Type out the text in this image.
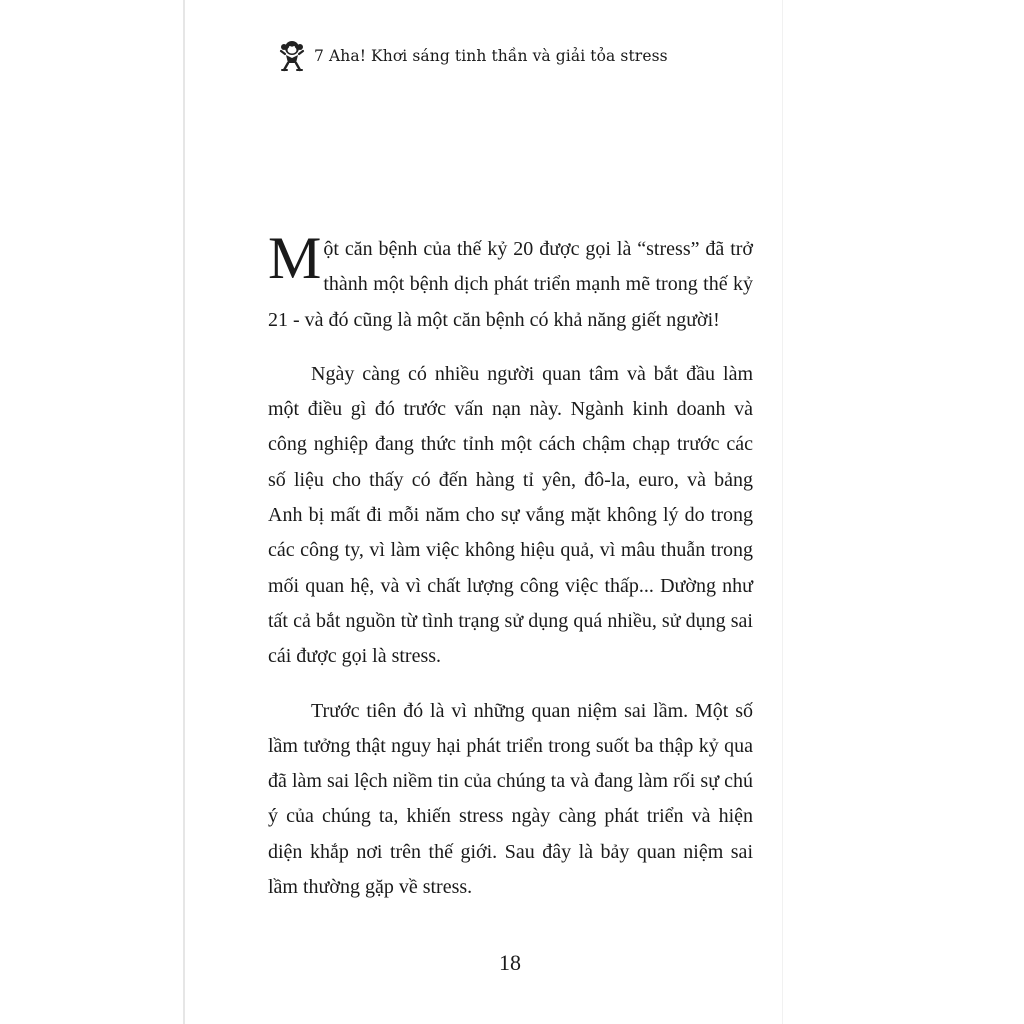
7 Aha! Khơi sáng tinh thần và giải tỏa stress

Một căn bệnh của thế kỷ 20 được gọi là “stress” đã trở thành một bệnh dịch phát triển mạnh mẽ trong thế kỷ 21 - và đó cũng là một căn bệnh có khả năng giết người!

Ngày càng có nhiều người quan tâm và bắt đầu làm một điều gì đó trước vấn nạn này. Ngành kinh doanh và công nghiệp đang thức tỉnh một cách chậm chạp trước các số liệu cho thấy có đến hàng tỉ yên, đô-la, euro, và bảng Anh bị mất đi mỗi năm cho sự vắng mặt không lý do trong các công ty, vì làm việc không hiệu quả, vì mâu thuẫn trong mối quan hệ, và vì chất lượng công việc thấp... Dường như tất cả bắt nguồn từ tình trạng sử dụng quá nhiều, sử dụng sai cái được gọi là stress.

Trước tiên đó là vì những quan niệm sai lầm. Một số lầm tưởng thật nguy hại phát triển trong suốt ba thập kỷ qua đã làm sai lệch niềm tin của chúng ta và đang làm rối sự chú ý của chúng ta, khiến stress ngày càng phát triển và hiện diện khắp nơi trên thế giới. Sau đây là bảy quan niệm sai lầm thường gặp về stress.

18
